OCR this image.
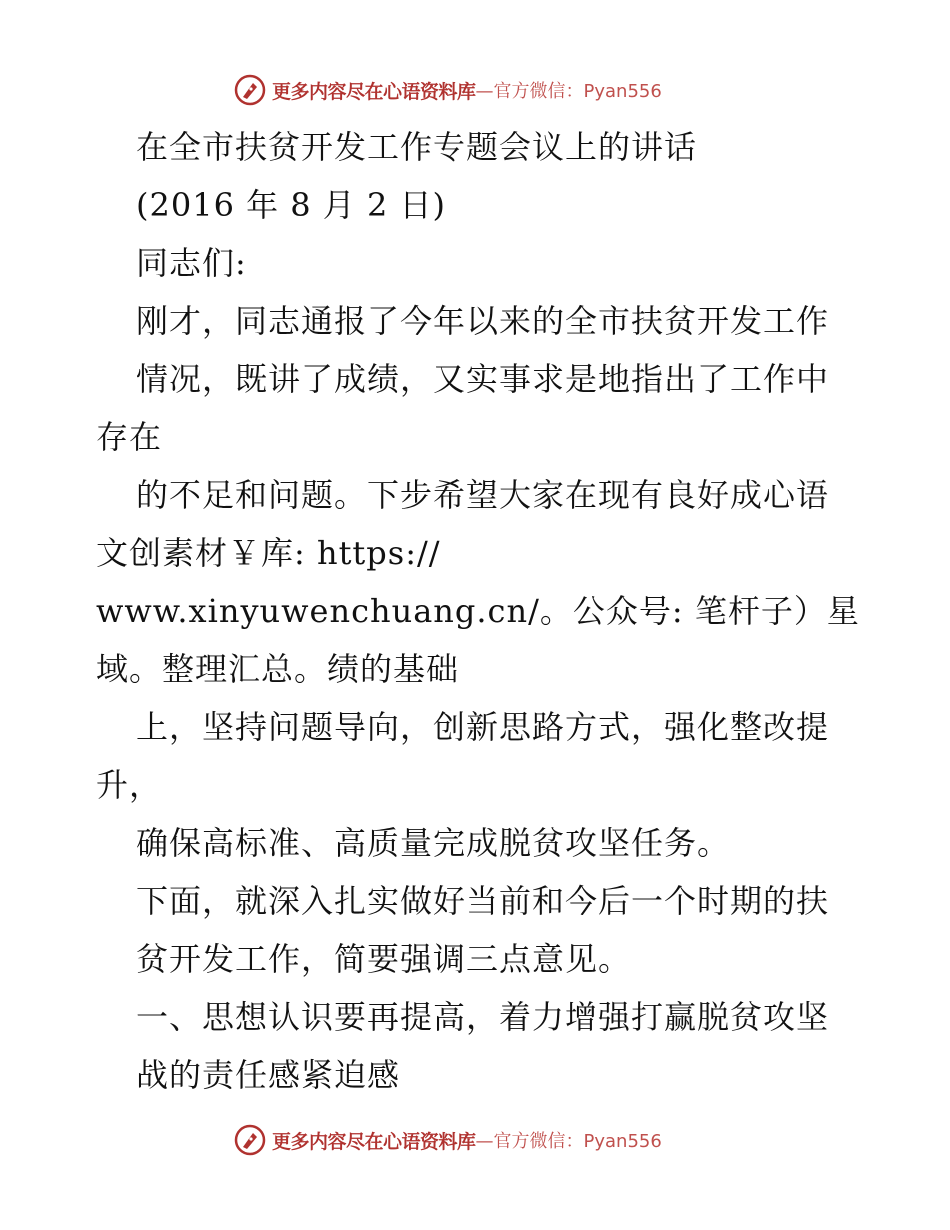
更多内容尽在心语资料库 —官方微信：Pyan556
在全市扶贫开发工作专题会议上的讲话
(2016 年 8 月 2 日)
同志们:
刚才，同志通报了今年以来的全市扶贫开发工作
情况，既讲了成绩，又实事求是地指出了工作中
存在
的不足和问题。下步希望大家在现有良好成心语
文创素材￥库: https://
www.xinyuwenchuang.cn/。公众号: 笔杆子）星
域。整理汇总。绩的基础
上，坚持问题导向，创新思路方式，强化整改提
升，
确保高标准、高质量完成脱贫攻坚任务。
下面，就深入扎实做好当前和今后一个时期的扶
贫开发工作，简要强调三点意见。
一、思想认识要再提高，着力增强打赢脱贫攻坚
战的责任感紧迫感
更多内容尽在心语资料库 —官方微信：Pyan556
